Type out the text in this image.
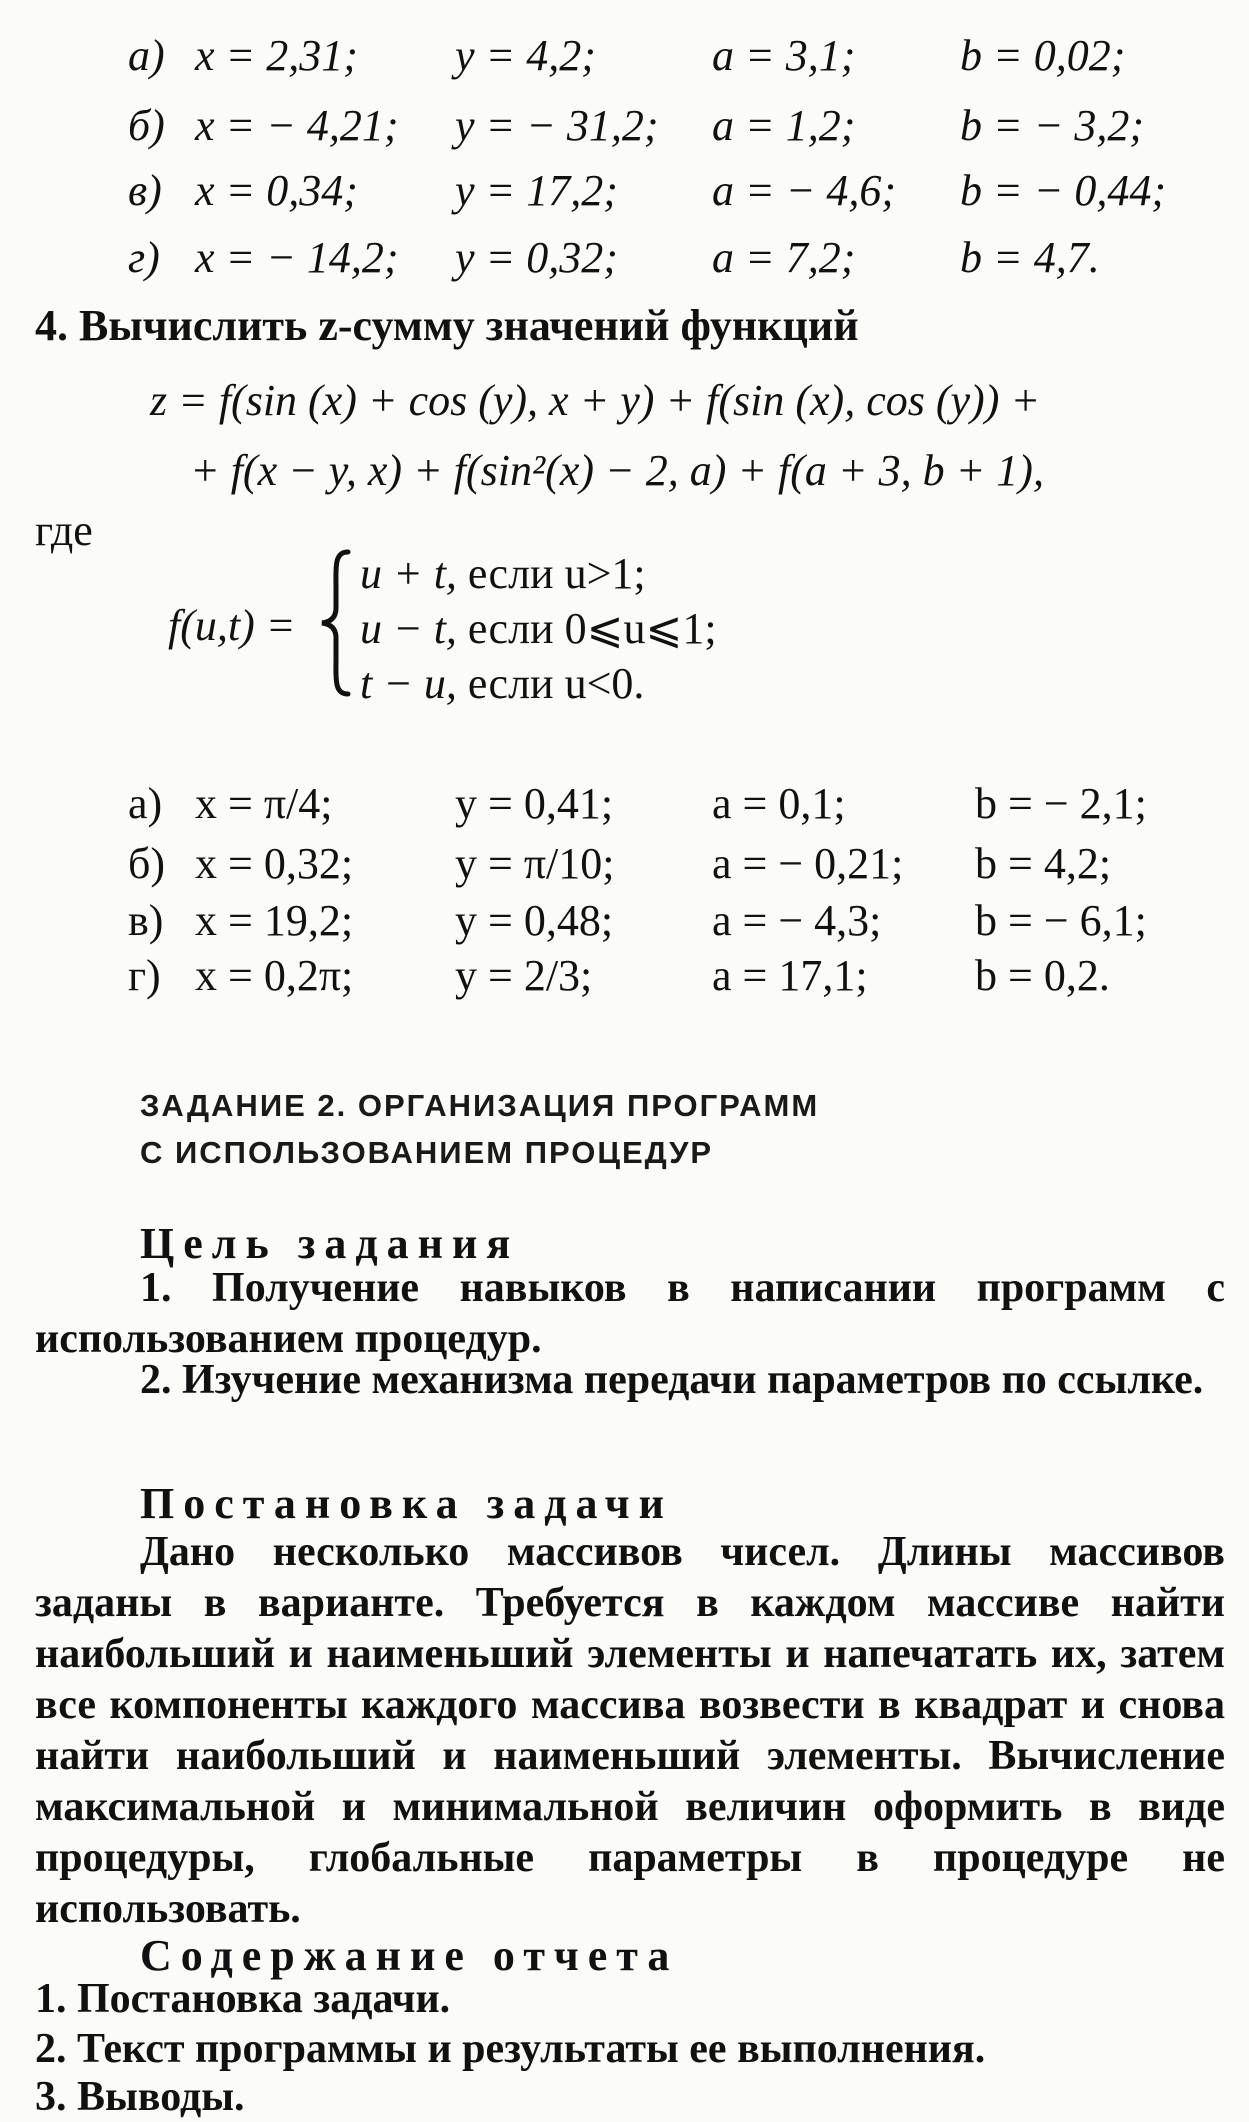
а) x = 2,31; y = 4,2;	a = 3,1; b = 0,02;
б) x = − 4,21; y = − 31,2; a = 1,2; b = − 3,2;
в) x = 0,34; y = 17,2; a = − 4,6; b = − 0,44;
г) x = − 14,2; y = 0,32; a = 7,2; b = 4,7.
4. Вычислить z-сумму значений функций
z = f(sin (x) + cos (y), x + y) + f(sin (x), cos (y)) +
+ f(x − y, x) + f(sin²(x) − 2, a) + f(a + 3, b + 1),
где
f(u,t) =
u + t, если u>1;
u − t, если 0⩽u⩽1;
t − u, если u<0.
а) x = π/4;	y = 0,41; a = 0,1;	b = − 2,1;
б) x = 0,32; y = π/10; a = − 0,21; b = 4,2;
в) x = 19,2; y = 0,48; a = − 4,3; b = − 6,1;
г) x = 0,2π; y = 2/3;	a = 17,1; b = 0,2.
ЗАДАНИЕ 2. ОРГАНИЗАЦИЯ ПРОГРАММ
С ИСПОЛЬЗОВАНИЕМ ПРОЦЕДУР
Цель задания
1. Получение навыков в написании программ с использованием процедур.
2. Изучение механизма передачи параметров по ссылке.
Постановка задачи
Дано несколько массивов чисел. Длины массивов заданы в варианте. Требуется в каждом массиве найти наибольший и наименьший элементы и напечатать их, затем все компоненты каждого массива возвести в квадрат и снова найти наибольший и наименьший элементы. Вычисление максимальной и минимальной величин оформить в виде процедуры, глобальные параметры в процедуре не использовать.
Содержание отчета
1. Постановка задачи.
2. Текст программы и результаты ее выполнения.
3. Выводы.
